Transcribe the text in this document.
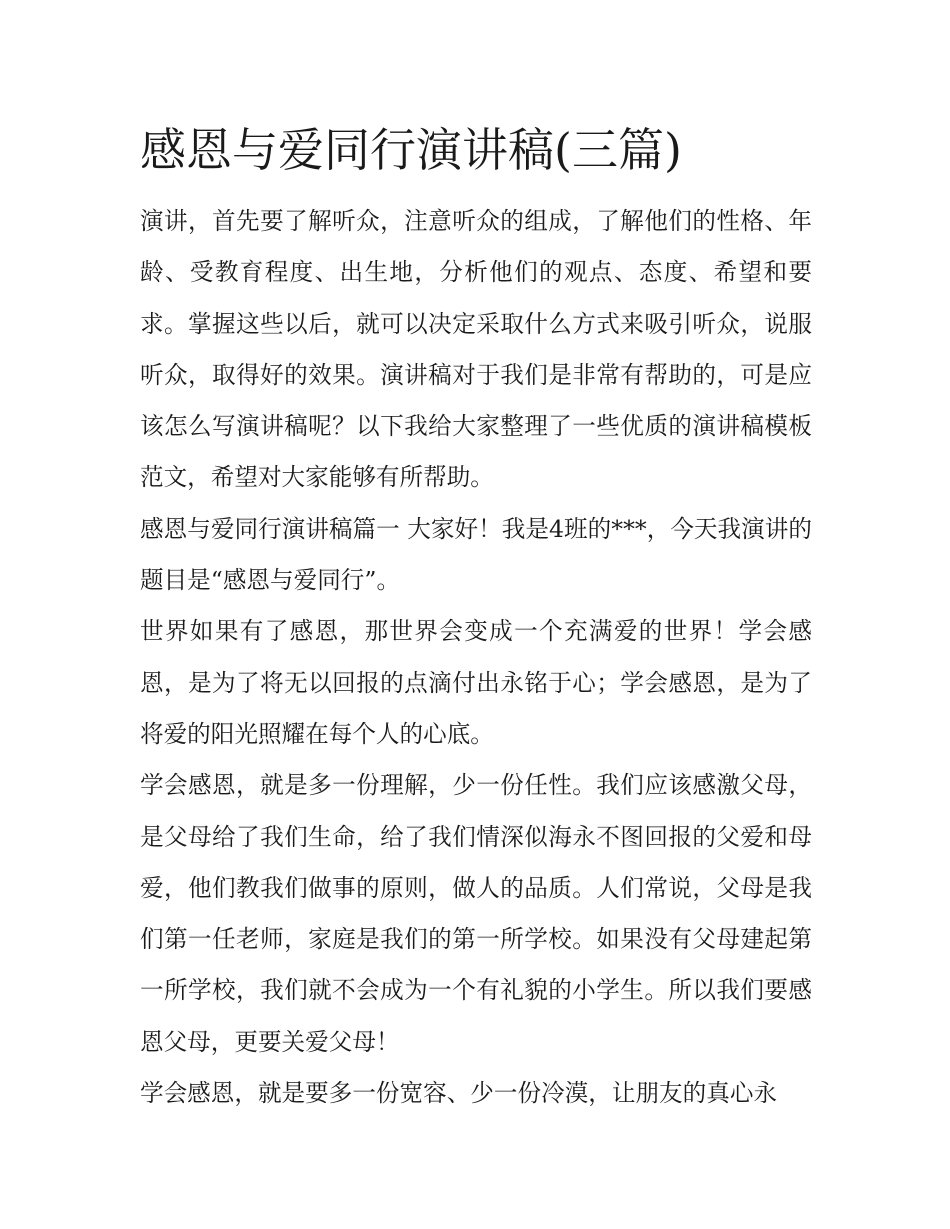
感恩与爱同行演讲稿(三篇)

演讲，首先要了解听众，注意听众的组成，了解他们的性格、年龄、受教育程度、出生地，分析他们的观点、态度、希望和要求。掌握这些以后，就可以决定采取什么方式来吸引听众，说服听众，取得好的效果。演讲稿对于我们是非常有帮助的，可是应该怎么写演讲稿呢？以下我给大家整理了一些优质的演讲稿模板范文，希望对大家能够有所帮助。

感恩与爱同行演讲稿篇一 大家好！我是4班的***，今天我演讲的题目是“感恩与爱同行”。

世界如果有了感恩，那世界会变成一个充满爱的世界！学会感恩，是为了将无以回报的点滴付出永铭于心；学会感恩，是为了将爱的阳光照耀在每个人的心底。

学会感恩，就是多一份理解，少一份任性。我们应该感激父母，是父母给了我们生命，给了我们情深似海永不图回报的父爱和母爱，他们教我们做事的原则，做人的品质。人们常说，父母是我们第一任老师，家庭是我们的第一所学校。如果没有父母建起第一所学校，我们就不会成为一个有礼貌的小学生。所以我们要感恩父母，更要关爱父母！

学会感恩，就是要多一份宽容、少一份冷漠，让朋友的真心永
